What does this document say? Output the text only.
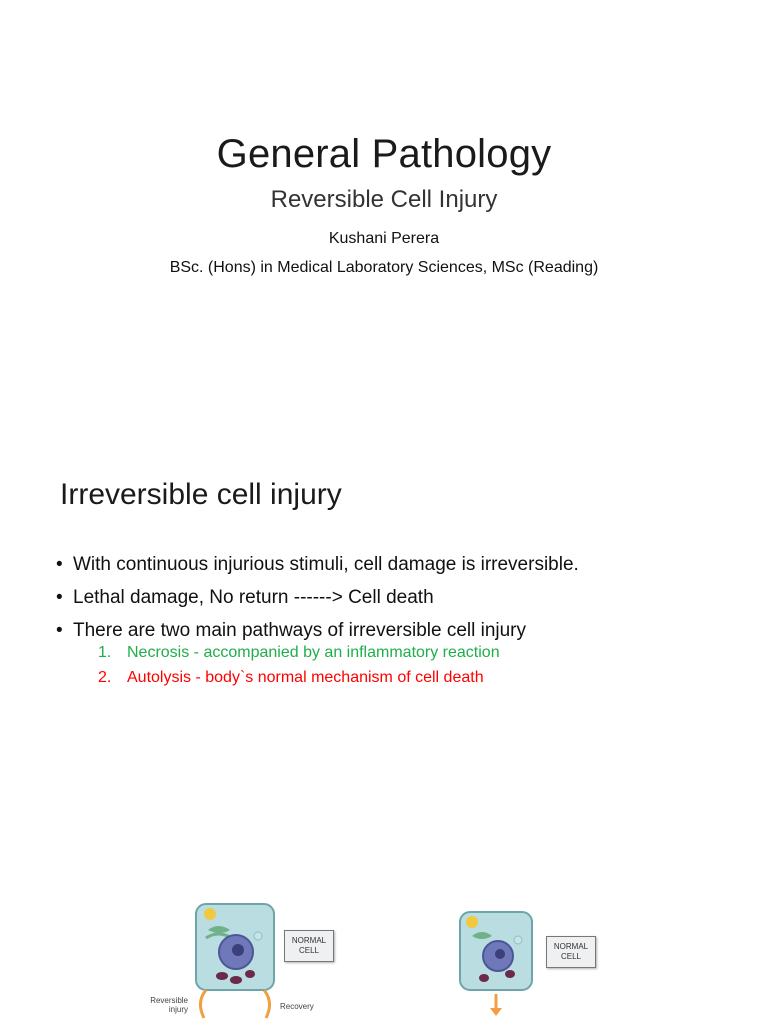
General Pathology
Reversible Cell Injury
Kushani Perera
BSc. (Hons) in Medical Laboratory Sciences, MSc (Reading)
Irreversible cell injury
• With continuous injurious stimuli, cell damage is irreversible.
• Lethal damage, No return ------> Cell death
• There are two main pathways of irreversible cell injury
1. Necrosis - accompanied by an inflammatory reaction
2. Autolysis - body`s normal mechanism of cell death
NORMAL CELL
Reversible injury	Recovery
NORMAL CELL
